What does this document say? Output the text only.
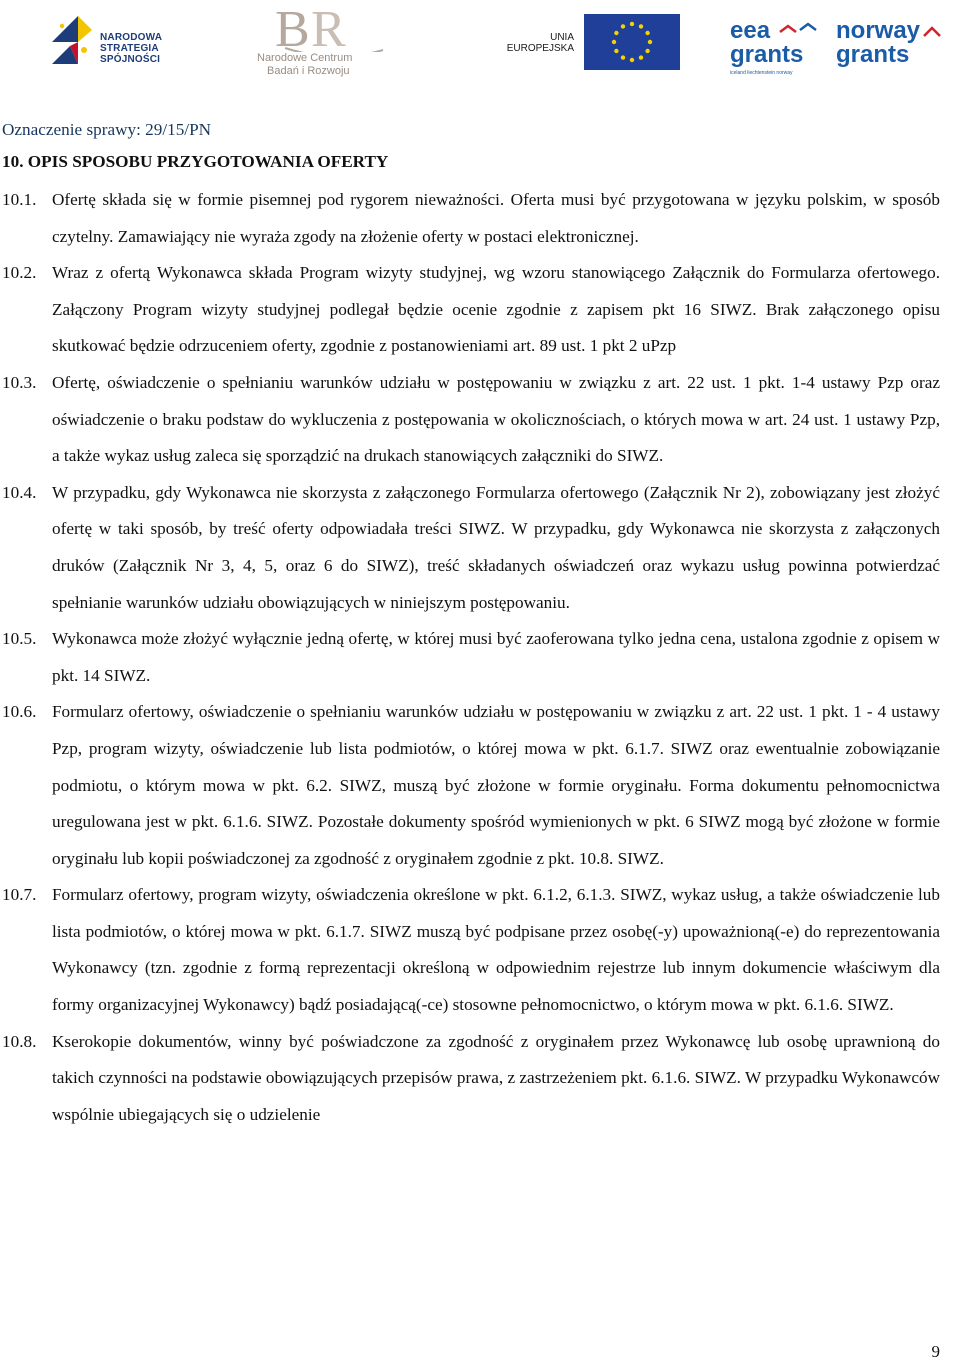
NARODOWA
STRATEGIA SPÓJNOŚCI
B R
Narodowe Centrum
Badań i Rozwoju
UNIA
EUROPEJSKA
eea
grants
iceland liechtenstein norway
norway
grants
Oznaczenie sprawy: 29/15/PN
10. OPIS SPOSOBU PRZYGOTOWANIA OFERTY
10.1. Ofertę składa się w formie pisemnej pod rygorem nieważności. Oferta musi być przygotowana w języku polskim, w sposób czytelny. Zamawiający nie wyraża zgody na złożenie oferty w postaci elektronicznej.
10.2. Wraz z ofertą Wykonawca składa Program wizyty studyjnej, wg wzoru stanowiącego Załącznik do Formularza ofertowego. Załączony Program wizyty studyjnej podlegał będzie ocenie zgodnie z zapisem pkt 16 SIWZ. Brak załączonego opisu skutkować będzie odrzuceniem oferty, zgodnie z postanowieniami art. 89 ust. 1 pkt 2 uPzp
10.3. Ofertę, oświadczenie o spełnianiu warunków udziału w postępowaniu w związku z art. 22 ust. 1 pkt. 1-4 ustawy Pzp oraz oświadczenie o braku podstaw do wykluczenia z postępowania w okolicznościach, o których mowa w art. 24 ust. 1 ustawy Pzp, a także wykaz usług zaleca się sporządzić na drukach stanowiących załączniki do SIWZ.
10.4. W przypadku, gdy Wykonawca nie skorzysta z załączonego Formularza ofertowego (Załącznik Nr 2), zobowiązany jest złożyć ofertę w taki sposób, by treść oferty odpowiadała treści SIWZ. W przypadku, gdy Wykonawca nie skorzysta z załączonych druków (Załącznik Nr 3, 4, 5, oraz 6 do SIWZ), treść składanych oświadczeń oraz wykazu usług powinna potwierdzać spełnianie warunków udziału obowiązujących w niniejszym postępowaniu.
10.5. Wykonawca może złożyć wyłącznie jedną ofertę, w której musi być zaoferowana tylko jedna cena, ustalona zgodnie z opisem w pkt. 14 SIWZ.
10.6. Formularz ofertowy, oświadczenie o spełnianiu warunków udziału w postępowaniu w związku z art. 22 ust. 1 pkt. 1 - 4 ustawy Pzp, program wizyty, oświadczenie lub lista podmiotów, o której mowa w pkt. 6.1.7. SIWZ oraz ewentualnie zobowiązanie podmiotu, o którym mowa w pkt. 6.2. SIWZ, muszą być złożone w formie oryginału. Forma dokumentu pełnomocnictwa uregulowana jest w pkt. 6.1.6. SIWZ. Pozostałe dokumenty spośród wymienionych w pkt. 6 SIWZ mogą być złożone w formie oryginału lub kopii poświadczonej za zgodność z oryginałem zgodnie z pkt. 10.8. SIWZ.
10.7. Formularz ofertowy, program wizyty, oświadczenia określone w pkt. 6.1.2, 6.1.3. SIWZ, wykaz usług, a także oświadczenie lub lista podmiotów, o której mowa w pkt. 6.1.7. SIWZ muszą być podpisane przez osobę(-y) upoważnioną(-e) do reprezentowania Wykonawcy (tzn. zgodnie z formą reprezentacji określoną w odpowiednim rejestrze lub innym dokumencie właściwym dla formy organizacyjnej Wykonawcy) bądź posiadającą(-ce) stosowne pełnomocnictwo, o którym mowa w pkt. 6.1.6. SIWZ.
10.8. Kserokopie dokumentów, winny być poświadczone za zgodność z oryginałem przez Wykonawcę lub osobę uprawnioną do takich czynności na podstawie obowiązujących przepisów prawa, z zastrzeżeniem pkt. 6.1.6. SIWZ. W przypadku Wykonawców wspólnie ubiegających się o udzielenie
9
